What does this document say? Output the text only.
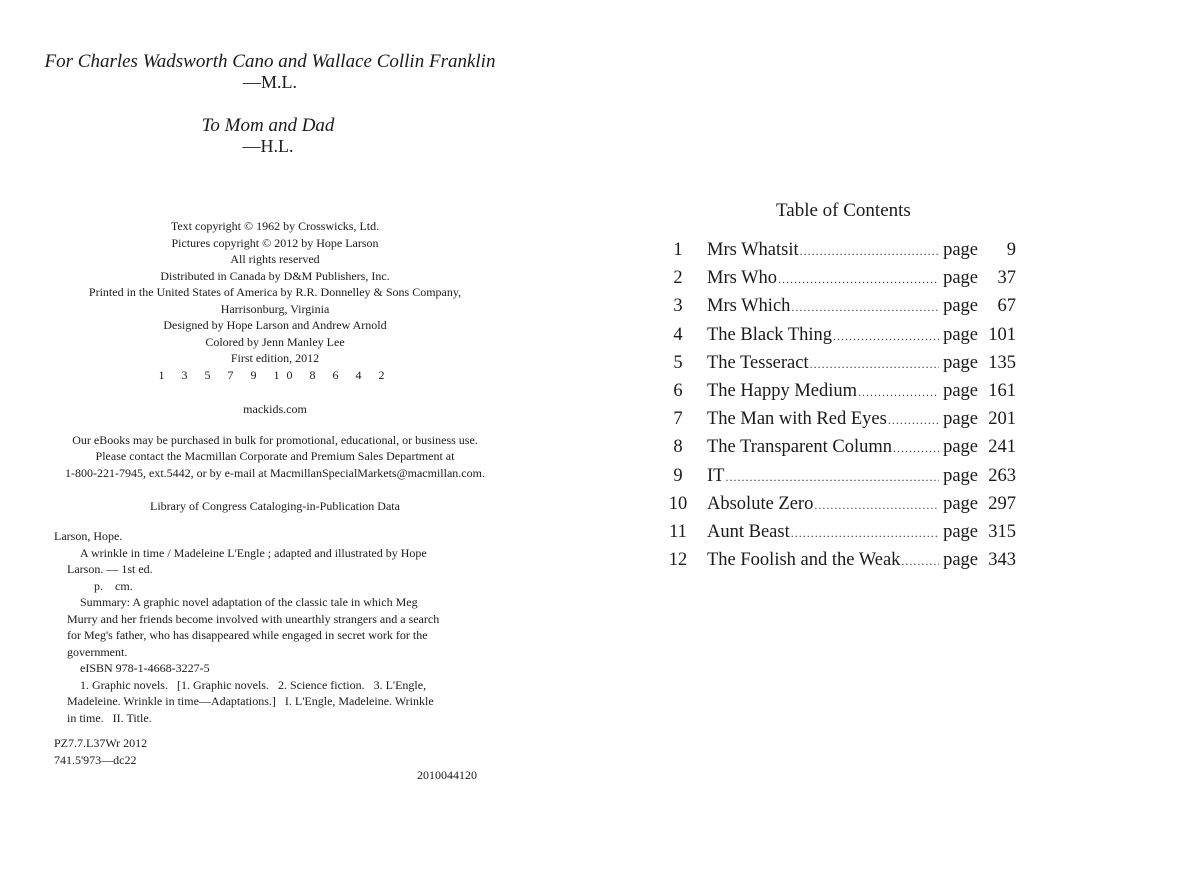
For Charles Wadsworth Cano and Wallace Collin Franklin
—M.L.
To Mom and Dad
—H.L.
Text copyright © 1962 by Crosswicks, Ltd.
Pictures copyright © 2012 by Hope Larson
All rights reserved
Distributed in Canada by D&M Publishers, Inc.
Printed in the United States of America by R.R. Donnelley & Sons Company,
Harrisonburg, Virginia
Designed by Hope Larson and Andrew Arnold
Colored by Jenn Manley Lee
First edition, 2012
1 3 5 7 9 10 8 6 4 2
mackids.com
Our eBooks may be purchased in bulk for promotional, educational, or business use.
Please contact the Macmillan Corporate and Premium Sales Department at
1-800-221-7945, ext.5442, or by e-mail at MacmillanSpecialMarkets@macmillan.com.
Library of Congress Cataloging-in-Publication Data
Larson, Hope.
A wrinkle in time / Madeleine L'Engle ; adapted and illustrated by Hope
Larson. — 1st ed.
p.    cm.
Summary: A graphic novel adaptation of the classic tale in which Meg
Murry and her friends become involved with unearthly strangers and a search
for Meg's father, who has disappeared while engaged in secret work for the
government.
eISBN 978-1-4668-3227-5
1. Graphic novels.   [1. Graphic novels.   2. Science fiction.   3. L'Engle,
Madeleine. Wrinkle in time—Adaptations.]   I. L'Engle, Madeleine. Wrinkle
in time.   II. Title.
PZ7.7.L37Wr 2012
741.5'973—dc22
2010044120
Table of Contents
1	Mrs Whatsit .....	page 9
2	Mrs Who .....	page 37
3	Mrs Which .....	page 67
4	The Black Thing .....	page 101
5	The Tesseract .....	page 135
6	The Happy Medium .....	page 161
7	The Man with Red Eyes .....	page 201
8	The Transparent Column .....	page 241
9	IT .....	page 263
10 Absolute Zero .....	page 297
11 Aunt Beast .....	page 315
12 The Foolish and the Weak ..... page 343
